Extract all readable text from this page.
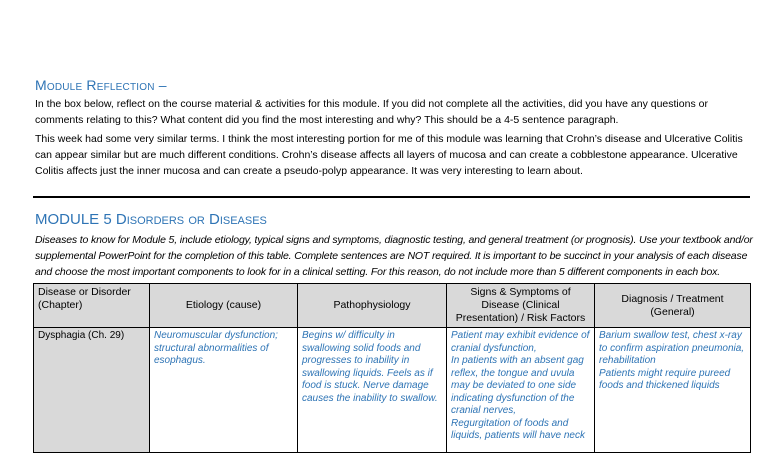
Module Reflection –
In the box below, reflect on the course material & activities for this module. If you did not complete all the activities, did you have any questions or comments relating to this? What content did you find the most interesting and why? This should be a 4-5 sentence paragraph.
This week had some very similar terms. I think the most interesting portion for me of this module was learning that Crohn’s disease and Ulcerative Colitis can appear similar but are much different conditions. Crohn’s disease affects all layers of mucosa and can create a cobblestone appearance. Ulcerative Colitis affects just the inner mucosa and can create a pseudo-polyp appearance. It was very interesting to learn about.
MODULE 5 Disorders or Diseases
Diseases to know for Module 5, include etiology, typical signs and symptoms, diagnostic testing, and general treatment (or prognosis). Use your textbook and/or supplemental PowerPoint for the completion of this table. Complete sentences are NOT required. It is important to be succinct in your analysis of each disease and choose the most important components to look for in a clinical setting. For this reason, do not include more than 5 different components in each box.
Disease or Disorder (Chapter)	Etiology (cause)	Pathophysiology	Signs & Symptoms of Disease (Clinical Presentation) / Risk Factors	Diagnosis / Treatment (General)
Dysphagia (Ch. 29)	Neuromuscular dysfunction; structural abnormalities of esophagus.	Begins w/ difficulty in swallowing solid foods and progresses to inability in swallowing liquids. Feels as if food is stuck. Nerve damage causes the inability to swallow.	Patient may exhibit evidence of cranial dysfunction,
In patients with an absent gag reflex, the tongue and uvula may be deviated to one side indicating dysfunction of the cranial nerves,
Regurgitation of foods and liquids, patients will have neck	Barium swallow test, chest x-ray to confirm aspiration pneumonia, rehabilitation
Patients might require pureed foods and thickened liquids
